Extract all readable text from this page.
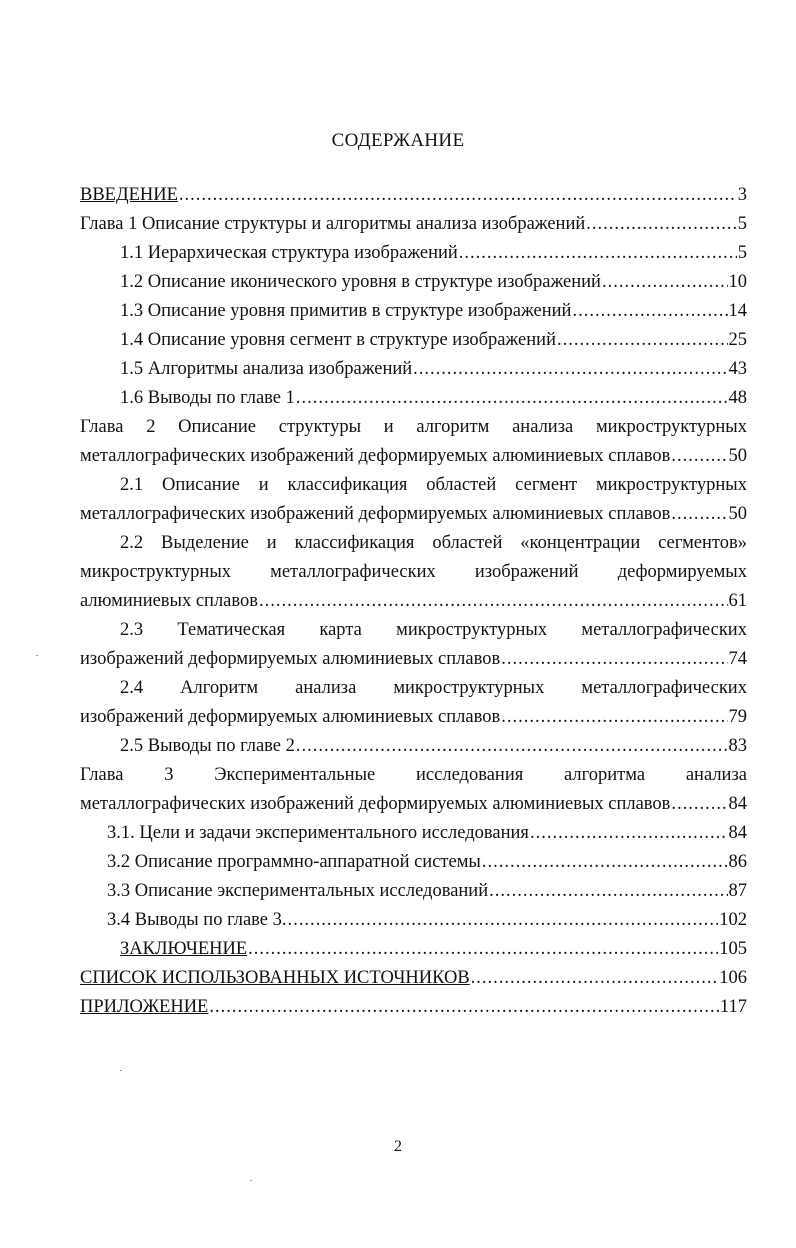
СОДЕРЖАНИЕ
ВВЕДЕНИЕ .....	3
Глава 1 Описание структуры и алгоритмы анализа изображений .....	5
1.1 Иерархическая структура изображений .....	5
1.2 Описание иконического уровня в структуре изображений .....	10
1.3 Описание уровня примитив в структуре изображений .....	14
1.4 Описание уровня сегмент в структуре изображений .....	25
1.5 Алгоритмы анализа изображений .....	43
1.6 Выводы по главе 1 .....	48
Глава 2 Описание структуры и алгоритм анализа микроструктурных
металлографических изображений деформируемых алюминиевых сплавов .....	50
2.1 Описание и классификация областей сегмент микроструктурных
металлографических изображений деформируемых алюминиевых сплавов .....	50
2.2 Выделение и классификация областей «концентрации сегментов»
микроструктурных металлографических изображений деформируемых
алюминиевых сплавов .....	61
2.3 Тематическая карта микроструктурных металлографических
изображений деформируемых алюминиевых сплавов .....	74
2.4 Алгоритм анализа микроструктурных металлографических
изображений деформируемых алюминиевых сплавов .....	79
2.5 Выводы по главе 2 .....	83
Глава 3 Экспериментальные исследования алгоритма анализа
металлографических изображений деформируемых алюминиевых сплавов .....	84
3.1. Цели и задачи экспериментального исследования .....	84
3.2 Описание программно-аппаратной системы .....	86
3.3 Описание экспериментальных исследований .....	87
3.4 Выводы по главе 3. .....	102
ЗАКЛЮЧЕНИЕ .....	105
СПИСОК ИСПОЛЬЗОВАННЫХ ИСТОЧНИКОВ .....	106
ПРИЛОЖЕНИЕ .....	117
2
